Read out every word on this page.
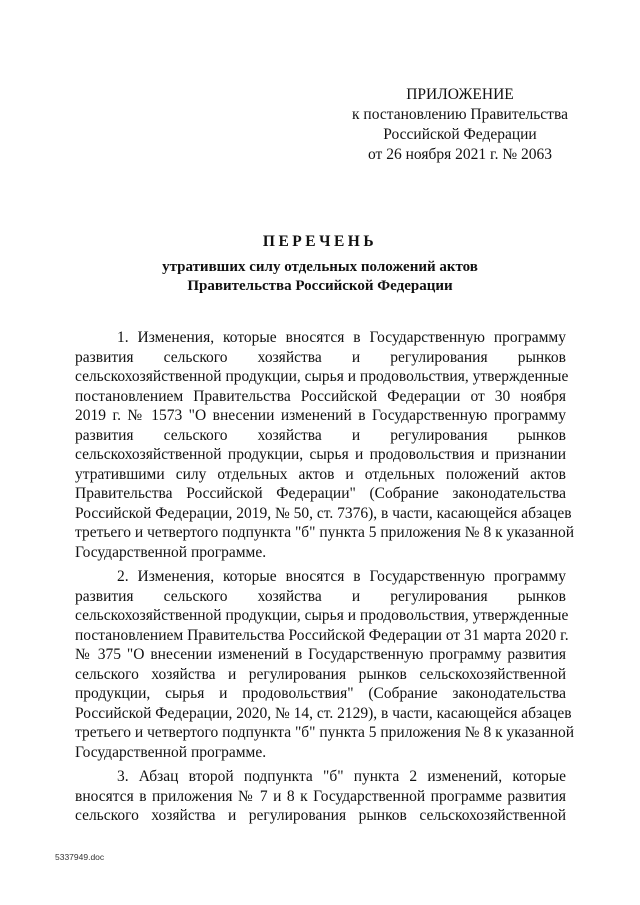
ПРИЛОЖЕНИЕ
к постановлению Правительства
Российской Федерации
от 26 ноября 2021 г. № 2063
ПЕРЕЧЕНЬ
утративших силу отдельных положений актов
Правительства Российской Федерации
1. Изменения, которые вносятся в Государственную программу
развития сельского хозяйства и регулирования рынков
сельскохозяйственной продукции, сырья и продовольствия, утвержденные
постановлением Правительства Российской Федерации от 30 ноября
2019 г. № 1573 "О внесении изменений в Государственную программу
развития сельского хозяйства и регулирования рынков
сельскохозяйственной продукции, сырья и продовольствия и признании
утратившими силу отдельных актов и отдельных положений актов
Правительства Российской Федерации" (Собрание законодательства
Российской Федерации, 2019, № 50, ст. 7376), в части, касающейся абзацев
третьего и четвертого подпункта "б" пункта 5 приложения № 8 к указанной
Государственной программе.
2. Изменения, которые вносятся в Государственную программу
развития сельского хозяйства и регулирования рынков
сельскохозяйственной продукции, сырья и продовольствия, утвержденные
постановлением Правительства Российской Федерации от 31 марта 2020 г.
№ 375 "О внесении изменений в Государственную программу развития
сельского хозяйства и регулирования рынков сельскохозяйственной
продукции, сырья и продовольствия" (Собрание законодательства
Российской Федерации, 2020, № 14, ст. 2129), в части, касающейся абзацев
третьего и четвертого подпункта "б" пункта 5 приложения № 8 к указанной
Государственной программе.
3. Абзац второй подпункта "б" пункта 2 изменений, которые
вносятся в приложения № 7 и 8 к Государственной программе развития
сельского хозяйства и регулирования рынков сельскохозяйственной
5337949.doc
